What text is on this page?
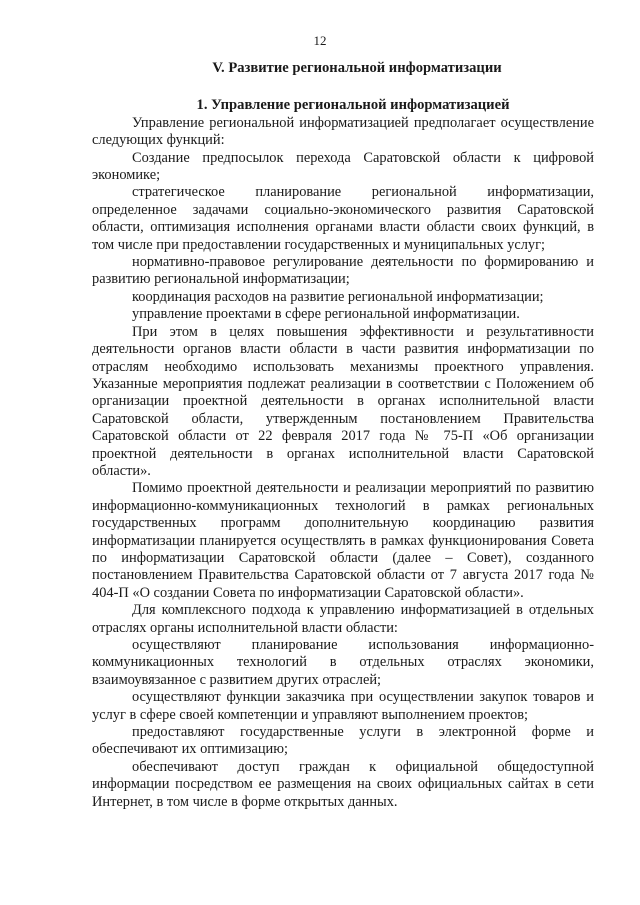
12
V. Развитие региональной информатизации
1. Управление региональной информатизацией

Управление региональной информатизацией предполагает осуществление следующих функций:

Создание предпосылок перехода Саратовской области к цифровой экономике;

стратегическое планирование региональной информатизации, определенное задачами социально-экономического развития Саратовской области, оптимизация исполнения органами власти области своих функций, в том числе при предоставлении государственных и муниципальных услуг;

нормативно-правовое регулирование деятельности по формированию и развитию региональной информатизации;

координация расходов на развитие региональной информатизации;

управление проектами в сфере региональной информатизации.

При этом в целях повышения эффективности и результативности деятельности органов власти области в части развития информатизации по отраслям необходимо использовать механизмы проектного управления. Указанные мероприятия подлежат реализации в соответствии с Положением об организации проектной деятельности в органах исполнительной власти Саратовской области, утвержденным постановлением Правительства Саратовской области от 22 февраля 2017 года № 75-П «Об организации проектной деятельности в органах исполнительной власти Саратовской области».

Помимо проектной деятельности и реализации мероприятий по развитию информационно-коммуникационных технологий в рамках региональных государственных программ дополнительную координацию развития информатизации планируется осуществлять в рамках функционирования Совета по информатизации Саратовской области (далее – Совет), созданного постановлением Правительства Саратовской области от 7 августа 2017 года № 404-П «О создании Совета по информатизации Саратовской области».

Для комплексного подхода к управлению информатизацией в отдельных отраслях органы исполнительной власти области:

осуществляют планирование использования информационно-коммуникационных технологий в отдельных отраслях экономики, взаимоувязанное с развитием других отраслей;

осуществляют функции заказчика при осуществлении закупок товаров и услуг в сфере своей компетенции и управляют выполнением проектов;

предоставляют государственные услуги в электронной форме и обеспечивают их оптимизацию;

обеспечивают доступ граждан к официальной общедоступной информации посредством ее размещения на своих официальных сайтах в сети Интернет, в том числе в форме открытых данных.
